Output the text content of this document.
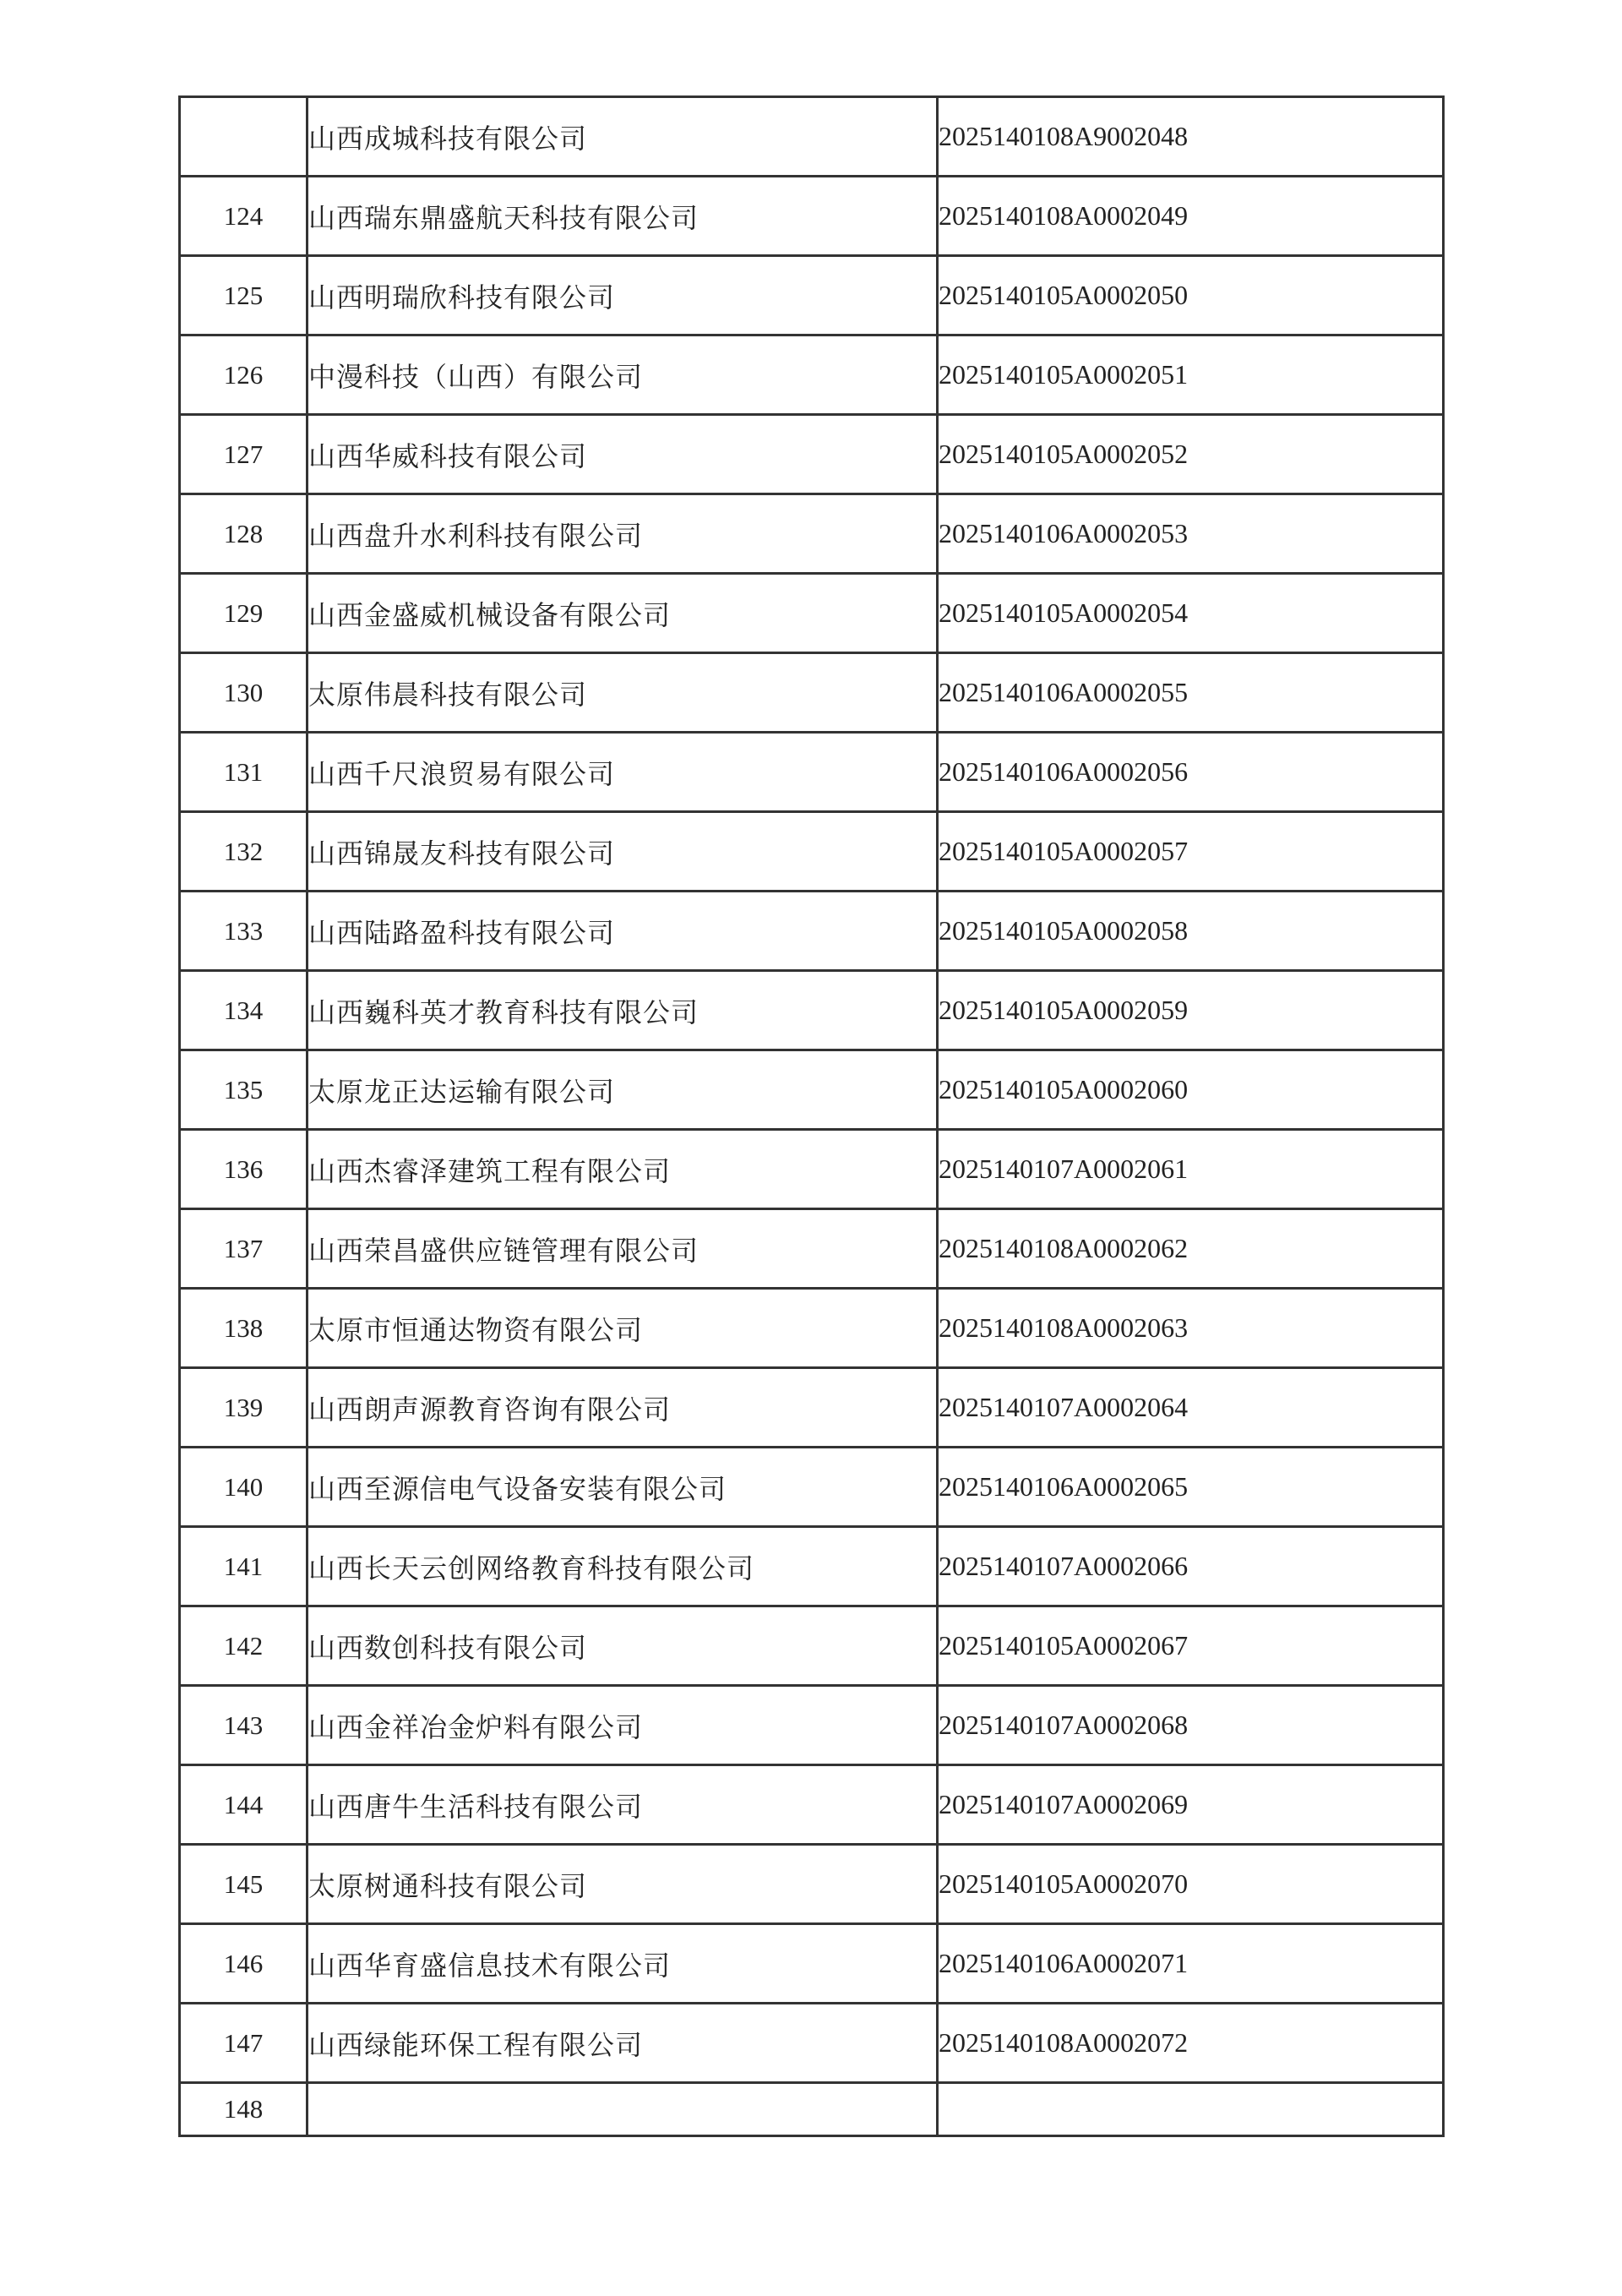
	山西成城科技有限公司	2025140108A9002048
124	山西瑞东鼎盛航天科技有限公司	2025140108A0002049
125	山西明瑞欣科技有限公司	2025140105A0002050
126	中漫科技（山西）有限公司	2025140105A0002051
127	山西华威科技有限公司	2025140105A0002052
128	山西盘升水利科技有限公司	2025140106A0002053
129	山西金盛威机械设备有限公司	2025140105A0002054
130	太原伟晨科技有限公司	2025140106A0002055
131	山西千尺浪贸易有限公司	2025140106A0002056
132	山西锦晟友科技有限公司	2025140105A0002057
133	山西陆路盈科技有限公司	2025140105A0002058
134	山西巍科英才教育科技有限公司	2025140105A0002059
135	太原龙正达运输有限公司	2025140105A0002060
136	山西杰睿泽建筑工程有限公司	2025140107A0002061
137	山西荣昌盛供应链管理有限公司	2025140108A0002062
138	太原市恒通达物资有限公司	2025140108A0002063
139	山西朗声源教育咨询有限公司	2025140107A0002064
140	山西至源信电气设备安装有限公司	2025140106A0002065
141	山西长天云创网络教育科技有限公司	2025140107A0002066
142	山西数创科技有限公司	2025140105A0002067
143	山西金祥冶金炉料有限公司	2025140107A0002068
144	山西唐牛生活科技有限公司	2025140107A0002069
145	太原树通科技有限公司	2025140105A0002070
146	山西华育盛信息技术有限公司	2025140106A0002071
147	山西绿能环保工程有限公司	2025140108A0002072
148		
